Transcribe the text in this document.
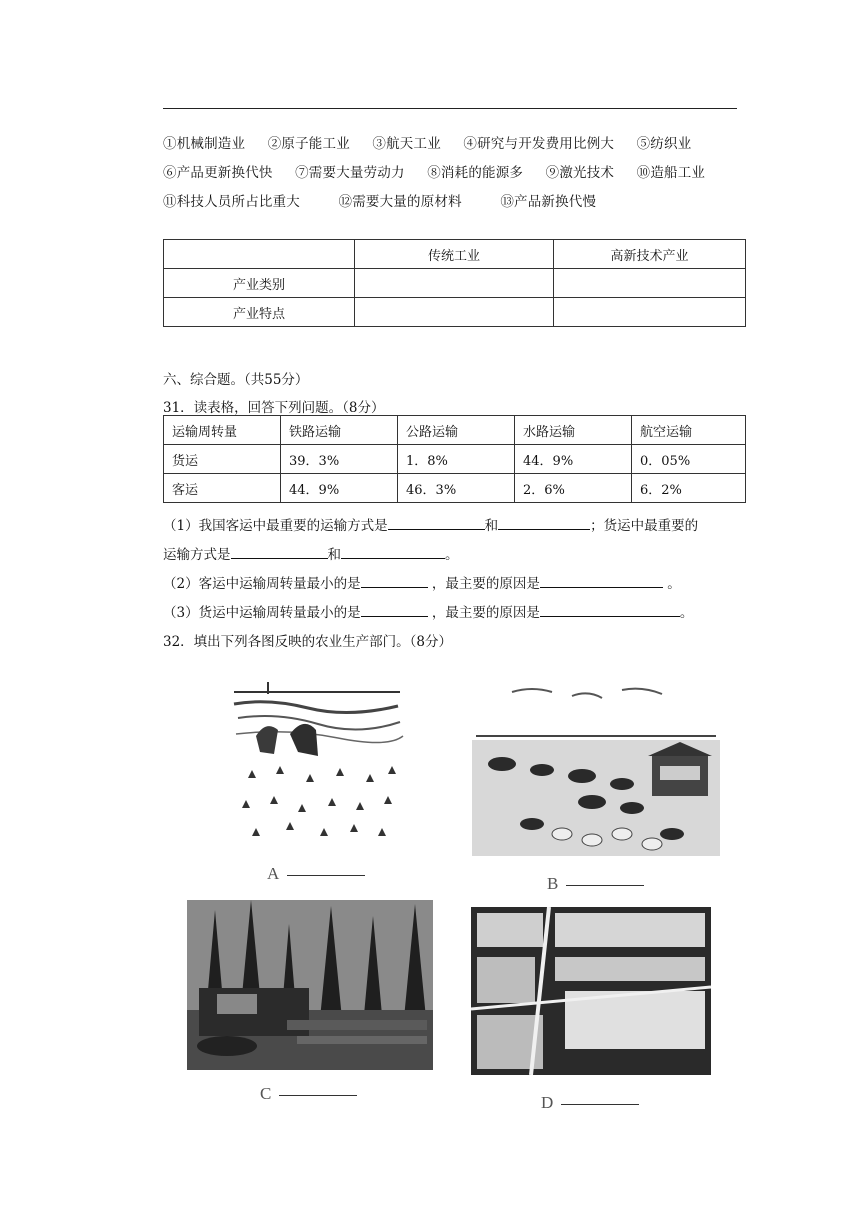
①机械制造业 ②原子能工业 ③航天工业 ④研究与开发费用比例大 ⑤纺织业
⑥产品更新换代快 ⑦需要大量劳动力 ⑧消耗的能源多 ⑨激光技术 ⑩造船工业
⑪科技人员所占比重大	⑫需要大量的原材料	⑬产品新换代慢
	传统工业	高新技术产业
产业类别		
产业特点		
六、综合题。（共55分）
31．读表格，回答下列问题。（8分）
运输周转量	铁路运输	公路运输	水路运输	航空运输
货运	39．3%	1．8%	44．9%	0．05%
客运	44．9%	46．3%	2．6%	6．2%
（1）我国客运中最重要的运输方式是	和	；货运中最重要的
运输方式是	和	。
（2）客运中运输周转量最小的是	，最主要的原因是	。
（3）货运中运输周转量最小的是	，最主要的原因是	。
32．填出下列各图反映的农业生产部门。（8分）
A
B
C	D
